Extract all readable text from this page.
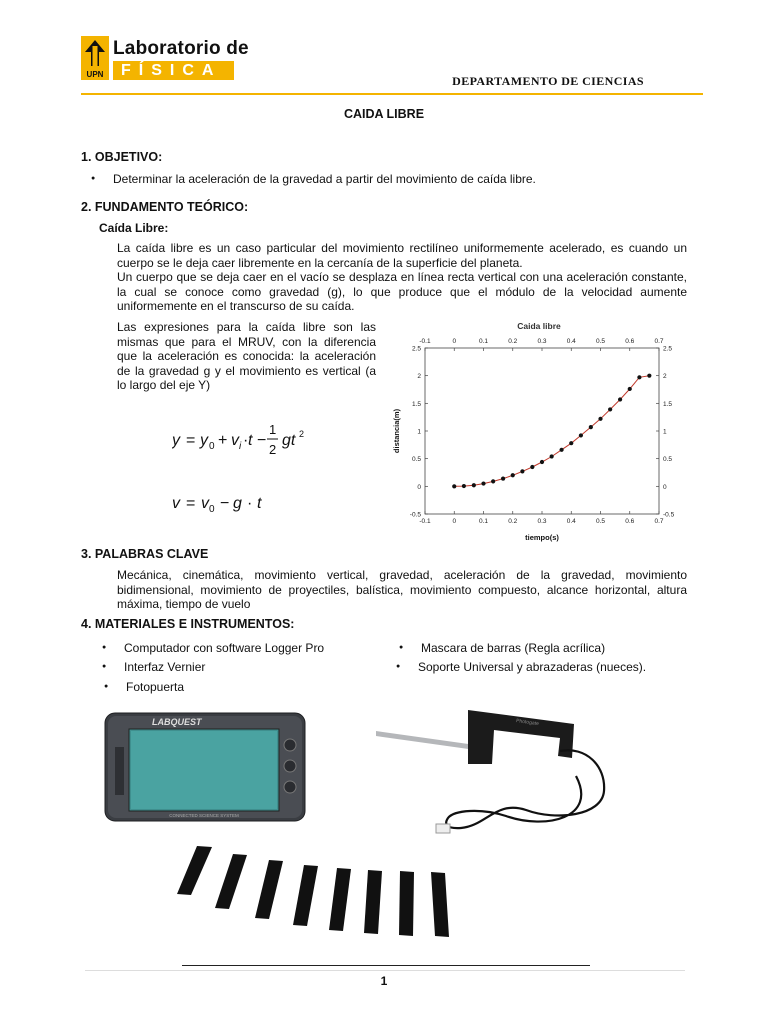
UPN
Laboratorio de
FÍSICA
DEPARTAMENTO DE CIENCIAS
CAIDA LIBRE
1. OBJETIVO:
● Determinar la aceleración de la gravedad a partir del movimiento de caída libre.
2. FUNDAMENTO TEÓRICO:
Caída Libre:
La caída libre es un caso particular del movimiento rectilíneo uniformemente acelerado, es cuando un cuerpo se le deja caer libremente en la cercanía de la superficie del planeta.
Un cuerpo que se deja caer en el vacío se desplaza en línea recta vertical con una aceleración constante, la cual se conoce como gravedad (g), lo que produce que el módulo de la velocidad aumente uniformemente en el transcurso de su caída.
Las expresiones para la caída libre son las mismas que para el MRUV, con la diferencia que la aceleración es conocida: la aceleración de la gravedad g y el movimiento es vertical (a lo largo del eje Y)
y = y 0 + v i · t −
1
2
gt 2
v = v 0 − g · t
Caida libre
-0.1
-0.1
0
0
0.1
0.1
0.2
0.2
0.3
0.3
0.4
0.4
0.5
0.5
0.6
0.6
0.7
0.7
-0.5	-0.5
0	0
0.5	0.5
1	1
1.5	1.5
2	2
2.5	2.5
tiempo(s)
distancia(m)
3. PALABRAS CLAVE
Mecánica, cinemática, movimiento vertical, gravedad, aceleración de la gravedad, movimiento bidimensional, movimiento de proyectiles, balística, movimiento compuesto, alcance horizontal, altura máxima, tiempo de vuelo
4. MATERIALES E INSTRUMENTOS:
● Computador con software Logger Pro
● Interfaz Vernier
● Fotopuerta
● Mascara de barras (Regla acrílica)
● Soporte Universal y abrazaderas (nueces).
LABQUEST
CONNECTED SCIENCE SYSTEM
Photogate
1
